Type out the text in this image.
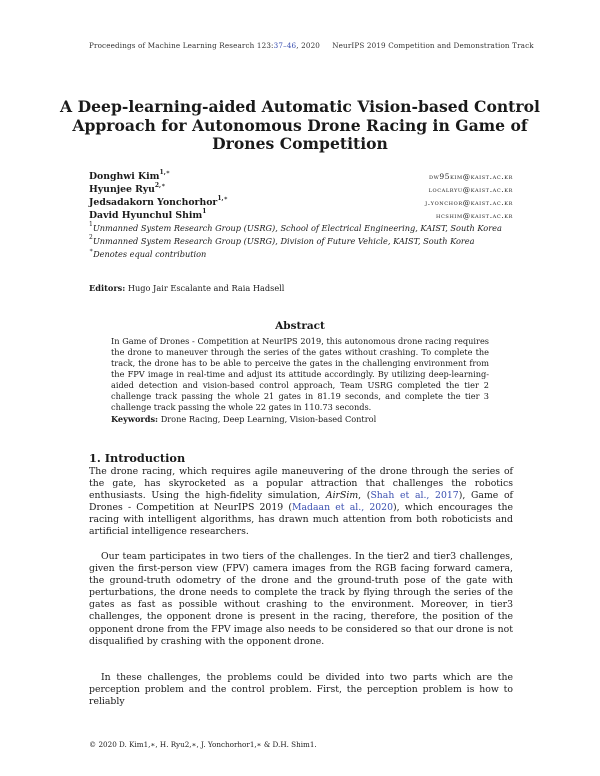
Proceedings of Machine Learning Research 123:37–46, 2020     NeurIPS 2019 Competition and Demonstration Track
A Deep-learning-aided Automatic Vision-based Control Approach for Autonomous Drone Racing in Game of Drones Competition
Donghwi Kim$^{1,∗}$	dw95kim@kaist.ac.kr
Hyunjee Ryu$^{2,∗}$	localryu@kaist.ac.kr
Jedsadakorn Yonchorhor$^{1,∗}$	j.yonchor@kaist.ac.kr
David Hyunchul Shim$^1$	hcshim@kaist.ac.kr
$^1$Unmanned System Research Group (USRG), School of Electrical Engineering, KAIST, South Korea
$^2$Unmanned System Research Group (USRG), Division of Future Vehicle, KAIST, South Korea
∗Denotes equal contribution
Editors: Hugo Jair Escalante and Raia Hadsell
Abstract
In Game of Drones - Competition at NeurIPS 2019, this autonomous drone racing requires the drone to maneuver through the series of the gates without crashing. To complete the track, the drone has to be able to perceive the gates in the challenging environment from the FPV image in real-time and adjust its attitude accordingly. By utilizing deep-learning-aided detection and vision-based control approach, Team USRG completed the tier 2 challenge track passing the whole 21 gates in 81.19 seconds, and complete the tier 3 challenge track passing the whole 22 gates in 110.73 seconds.
Keywords: Drone Racing, Deep Learning, Vision-based Control
1. Introduction
The drone racing, which requires agile maneuvering of the drone through the series of the gate, has skyrocketed as a popular attraction that challenges the robotics enthusiasts. Using the high-fidelity simulation, AirSim, (Shah et al., 2017), Game of Drones - Competition at NeurIPS 2019 (Madaan et al., 2020), which encourages the racing with intelligent algorithms, has drawn much attention from both roboticists and artificial intelligence researchers.
Our team participates in two tiers of the challenges. In the tier2 and tier3 challenges, given the first-person view (FPV) camera images from the RGB facing forward camera, the ground-truth odometry of the drone and the ground-truth pose of the gate with perturbations, the drone needs to complete the track by flying through the series of the gates as fast as possible without crashing to the environment. Moreover, in tier3 challenges, the opponent drone is present in the racing, therefore, the position of the opponent drone from the FPV image also needs to be considered so that our drone is not disqualified by crashing with the opponent drone.
In these challenges, the problems could be divided into two parts which are the perception problem and the control problem. First, the perception problem is how to reliably
© 2020 D. Kim1,∗, H. Ryu2,∗, J. Yonchorhor1,∗ & D.H. Shim1.
